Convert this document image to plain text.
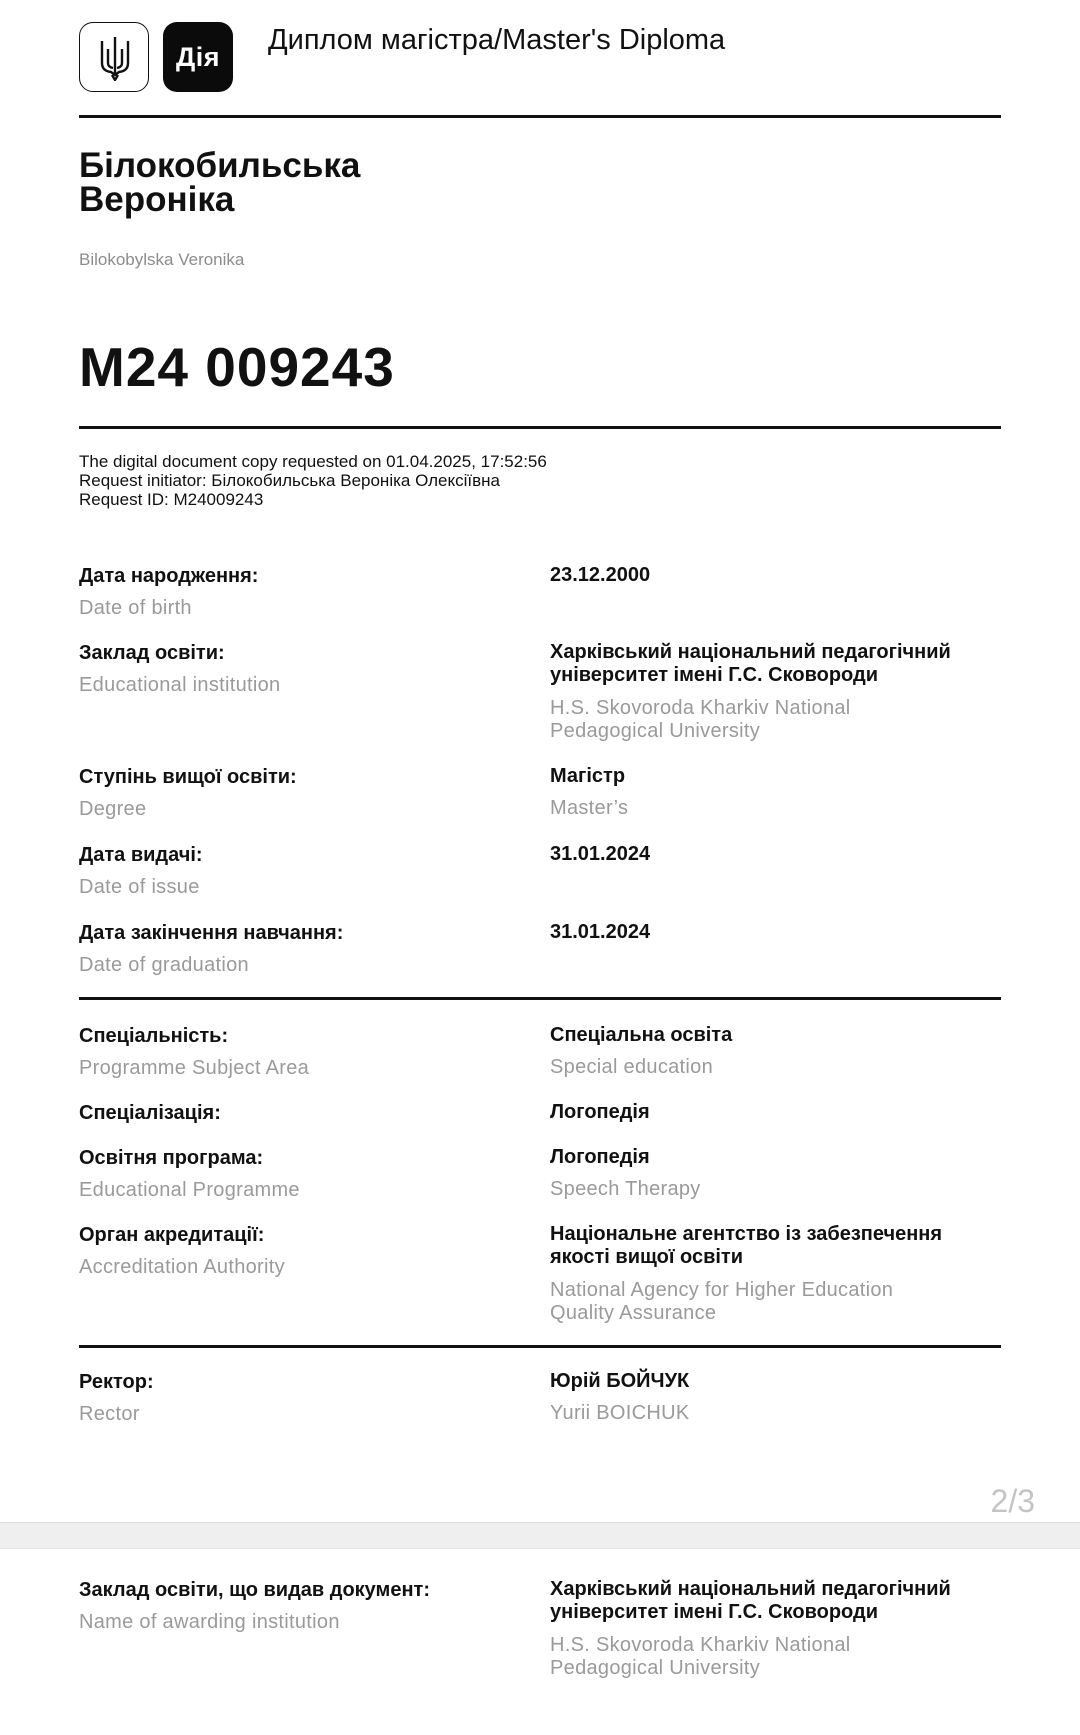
Дія
Диплом магістра/Master's Diploma
Білокобильська
Вероніка
Bilokobylska Veronika
M24 009243
The digital document copy requested on 01.04.2025, 17:52:56
Request initiator: Білокобильська Вероніка Олексіївна
Request ID: M24009243
Дата народження:
Date of birth
23.12.2000
Заклад освіти:
Educational institution
Харківський національний педагогічний
університет імені Г.С. Сковороди
H.S. Skovoroda Kharkiv National
Pedagogical University
Ступінь вищої освіти:
Degree
Магістр
Master’s
Дата видачі:
Date of issue
31.01.2024
Дата закінчення навчання:
Date of graduation
31.01.2024
Спеціальність:
Programme Subject Area
Спеціальна освіта
Special education
Спеціалізація:	Логопедія
Освітня програма:
Educational Programme
Логопедія
Speech Therapy
Орган акредитації:
Accreditation Authority
Національне агентство із забезпечення
якості вищої освіти
National Agency for Higher Education
Quality Assurance
Ректор:
Rector
Юрій БОЙЧУК
Yurii BOICHUK
2/3
Заклад освіти, що видав документ:
Name of awarding institution
Харківський національний педагогічний
університет імені Г.С. Сковороди
H.S. Skovoroda Kharkiv National
Pedagogical University
